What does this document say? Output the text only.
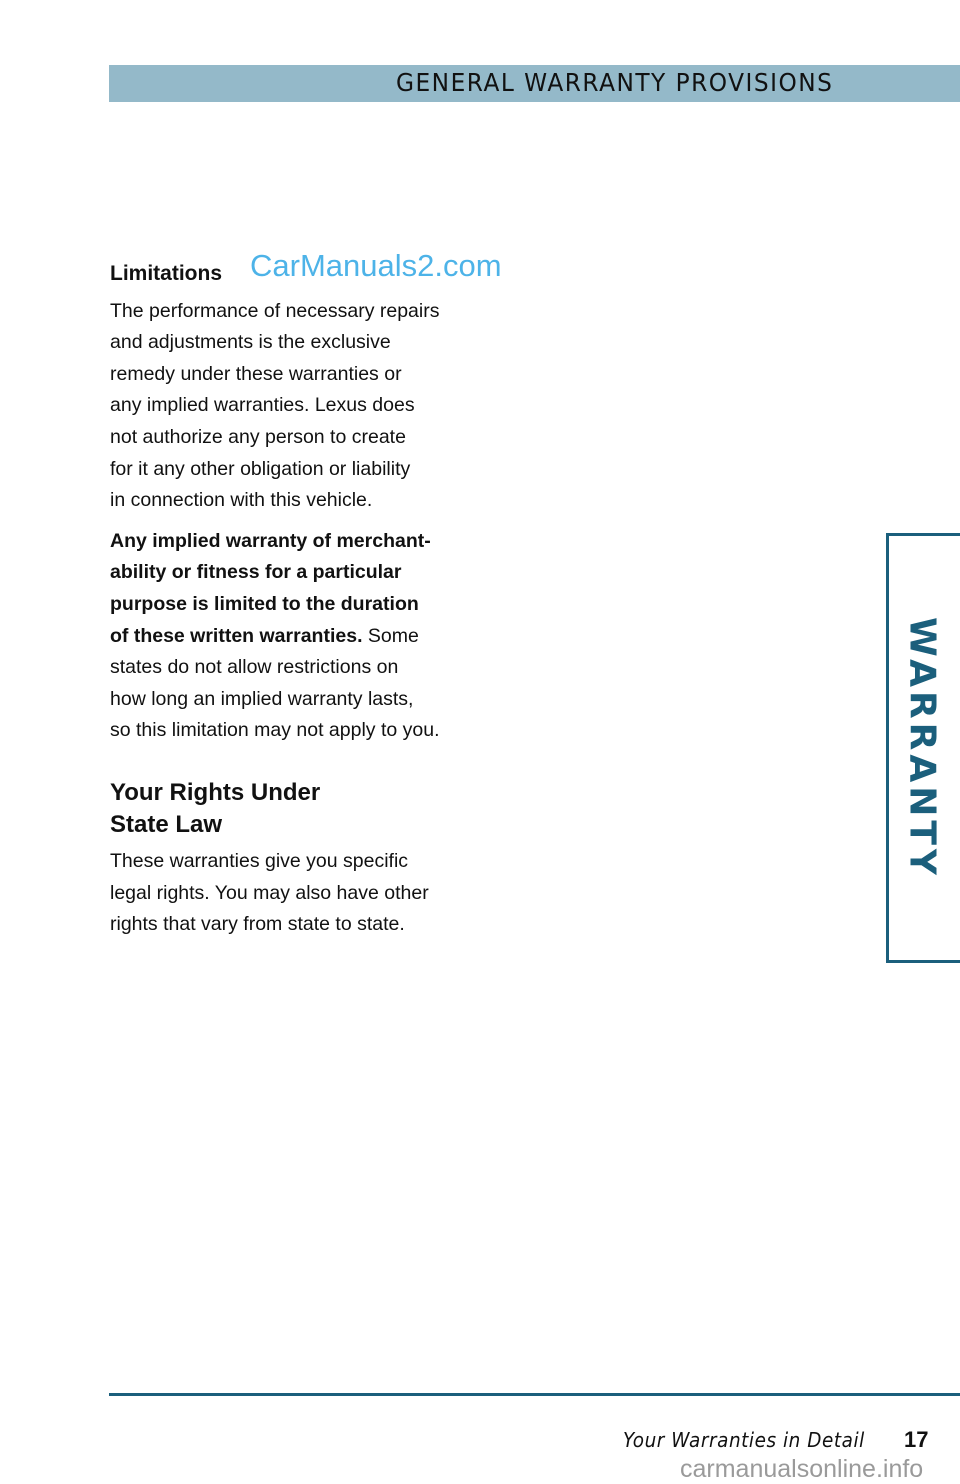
GENERAL WARRANTY PROVISIONS

Limitations

The performance of necessary repairs
and adjustments is the exclusive
remedy under these warranties or
any implied warranties. Lexus does
not authorize any person to create
for it any other obligation or liability
in connection with this vehicle.

Any implied warranty of merchant-
ability or fitness for a particular
purpose is limited to the duration
of these written warranties. Some
states do not allow restrictions on
how long an implied warranty lasts,
so this limitation may not apply to you.

Your Rights Under
State Law

These warranties give you specific
legal rights. You may also have other
rights that vary from state to state.

WARRANTY
Your Warranties in Detail 17
CarManuals2.com
carmanualsonline.info
